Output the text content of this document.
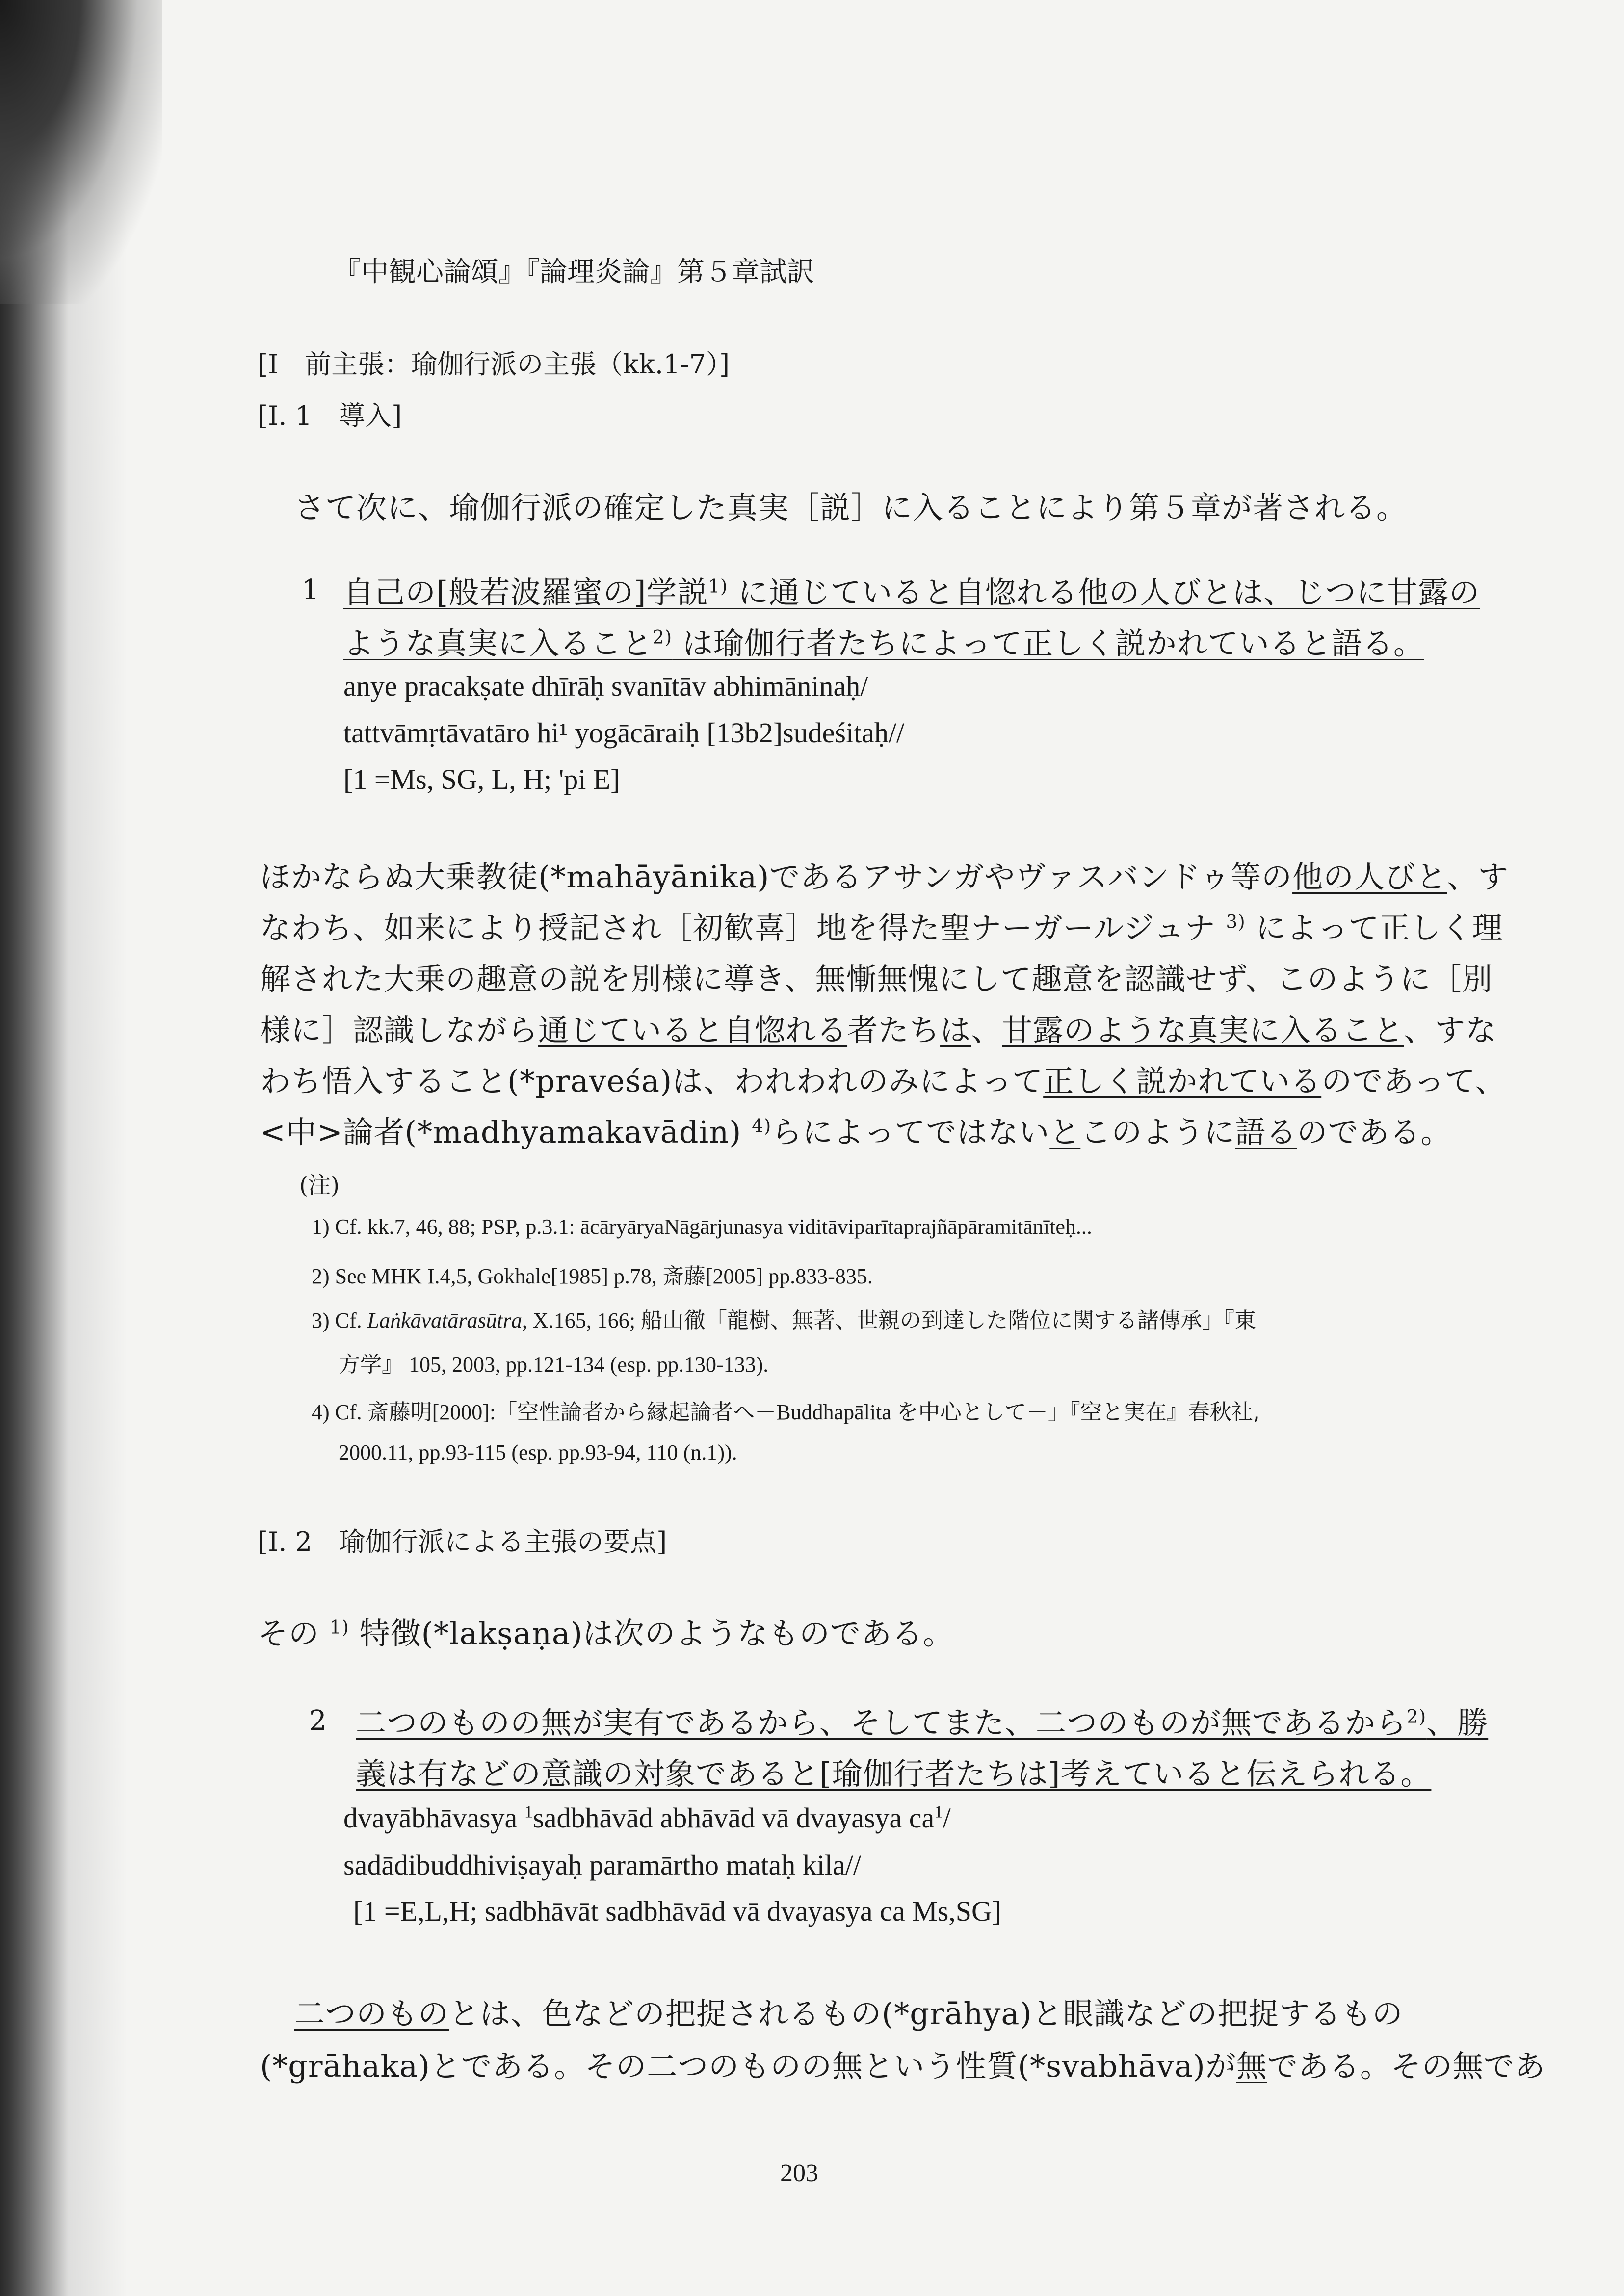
『中観心論頌』『論理炎論』第５章試訳
[I　前主張：瑜伽行派の主張（kk.1-7）]
[I. 1　導入]
さて次に、瑜伽行派の確定した真実［説］に入ることにより第５章が著される。
1 自己の[般若波羅蜜の]学説$^{1)}$ に通じていると自惚れる他の人びとは、じつに甘露の
ような真実に入ること$^{2)}$ は瑜伽行者たちによって正しく説かれていると語る。
anye pracakṣate dhīrāḥ svanītāv abhimāninaḥ/
tattvāmṛtāvatāro hi¹ yogācāraiḥ [13b2]sudeśitaḥ//
[1 =Ms, SG, L, H; 'pi E]
ほかならぬ大乗教徒(*mahāyānika)であるアサンガやヴァスバンドゥ等の他の人びと、す
なわち、如来により授記され［初歓喜］地を得た聖ナーガールジュナ $^{3)}$ によって正しく理
解された大乗の趣意の説を別様に導き、無慚無愧にして趣意を認識せず、このように［別
様に］認識しながら通じていると自惚れる者たちは、甘露のような真実に入ること、すな
わち悟入すること(*praveśa)は、われわれのみによって正しく説かれているのであって、
<中>論者(*madhyamakavādin) $^{4)}$らによってではないとこのように語るのである。
(注)
1) Cf. kk.7, 46, 88; PSP, p.3.1: ācāryāryaNāgārjunasya viditāviparītaprajñāpāramitānīteḥ...
2) See MHK I.4,5, Gokhale[1985] p.78, 斎藤[2005] pp.833-835.
3) Cf. Laṅkāvatārasūtra, X.165, 166; 船山徹「龍樹、無著、世親の到達した階位に関する諸傳承」『東
方学』 105, 2003, pp.121-134 (esp. pp.130-133).
4) Cf. 斎藤明[2000]:「空性論者から縁起論者へ－Buddhapālita を中心として－」『空と実在』春秋社,
2000.11, pp.93-115 (esp. pp.93-94, 110 (n.1)).
[I. 2　瑜伽行派による主張の要点]
その $^{1)}$ 特徴(*lakṣaṇa)は次のようなものである。
2 二つのものの無が実有であるから、そしてまた、二つのものが無であるから$^{2)}$、勝
義は有などの意識の対象であると[瑜伽行者たちは]考えていると伝えられる。
dvayābhāvasya $^1$sadbhāvād abhāvād vā dvayasya $ca^1/$
sadādibuddhiviṣayaḥ paramārtho mataḥ kila//
[1 =E,L,H; sadbhāvāt sadbhāvād vā dvayasya ca Ms,SG]
二つのものとは、色などの把捉されるもの(*grāhya)と眼識などの把捉するもの
(*grāhaka)とである。その二つのものの無という性質(*svabhāva)が無である。その無であ
203
